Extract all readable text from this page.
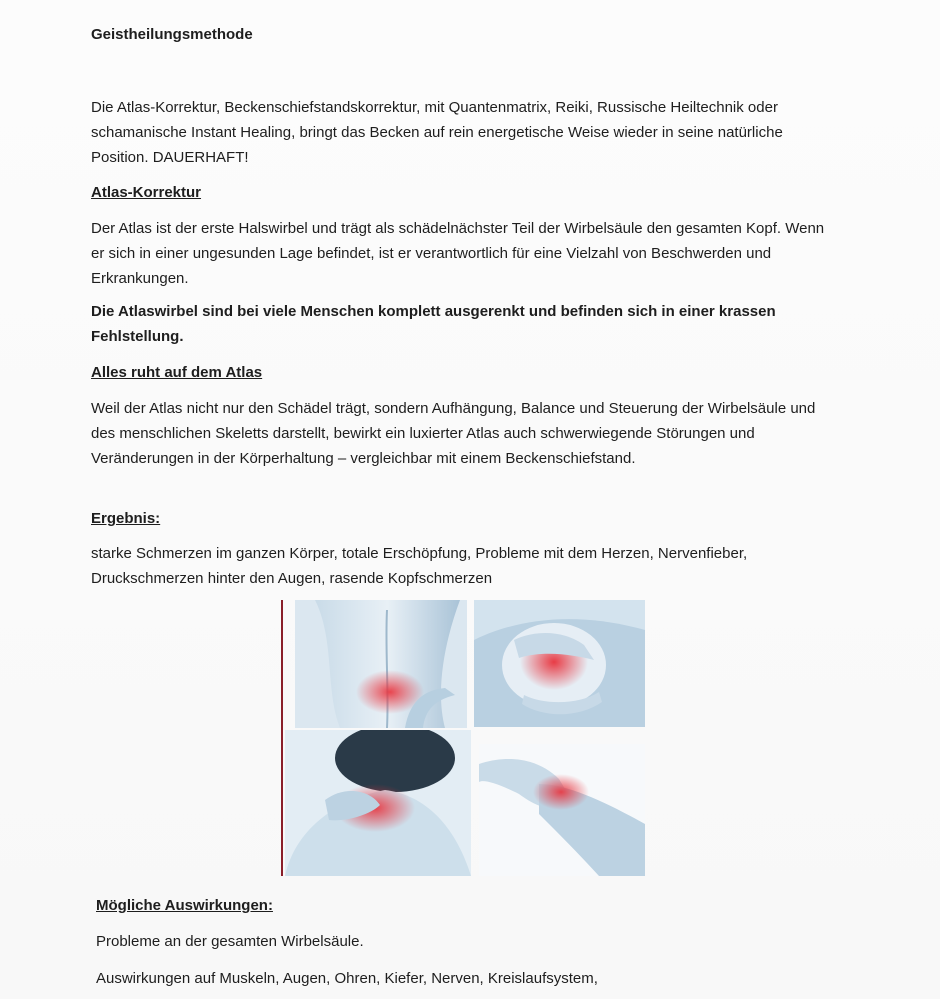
Geistheilungsmethode

Die Atlas-Korrektur, Beckenschiefstandskorrektur, mit Quantenmatrix, Reiki, Russische Heiltechnik oder schamanische Instant Healing, bringt das Becken auf rein energetische Weise wieder in seine natürliche Position. DAUERHAFT!

Atlas-Korrektur

Der Atlas ist der erste Halswirbel und trägt als schädelnächster Teil der Wirbelsäule den gesamten Kopf. Wenn er sich in einer ungesunden Lage befindet, ist er verantwortlich für eine Vielzahl von Beschwerden und Erkrankungen.

Die Atlaswirbel sind bei viele Menschen komplett ausgerenkt und befinden sich in einer krassen Fehlstellung.

Alles ruht auf dem Atlas

Weil der Atlas nicht nur den Schädel trägt, sondern Aufhängung, Balance und Steuerung der Wirbelsäule und des menschlichen Skeletts darstellt, bewirkt ein luxierter Atlas auch schwerwiegende Störungen und Veränderungen in der Körperhaltung – vergleichbar mit einem Beckenschiefstand.

Ergebnis:

starke Schmerzen im ganzen Körper, totale Erschöpfung, Probleme mit dem Herzen, Nervenfieber, Druckschmerzen hinter den Augen, rasende Kopfschmerzen

Mögliche Auswirkungen:

Probleme an der gesamten Wirbelsäule.

Auswirkungen auf Muskeln, Augen, Ohren, Kiefer, Nerven, Kreislaufsystem,
